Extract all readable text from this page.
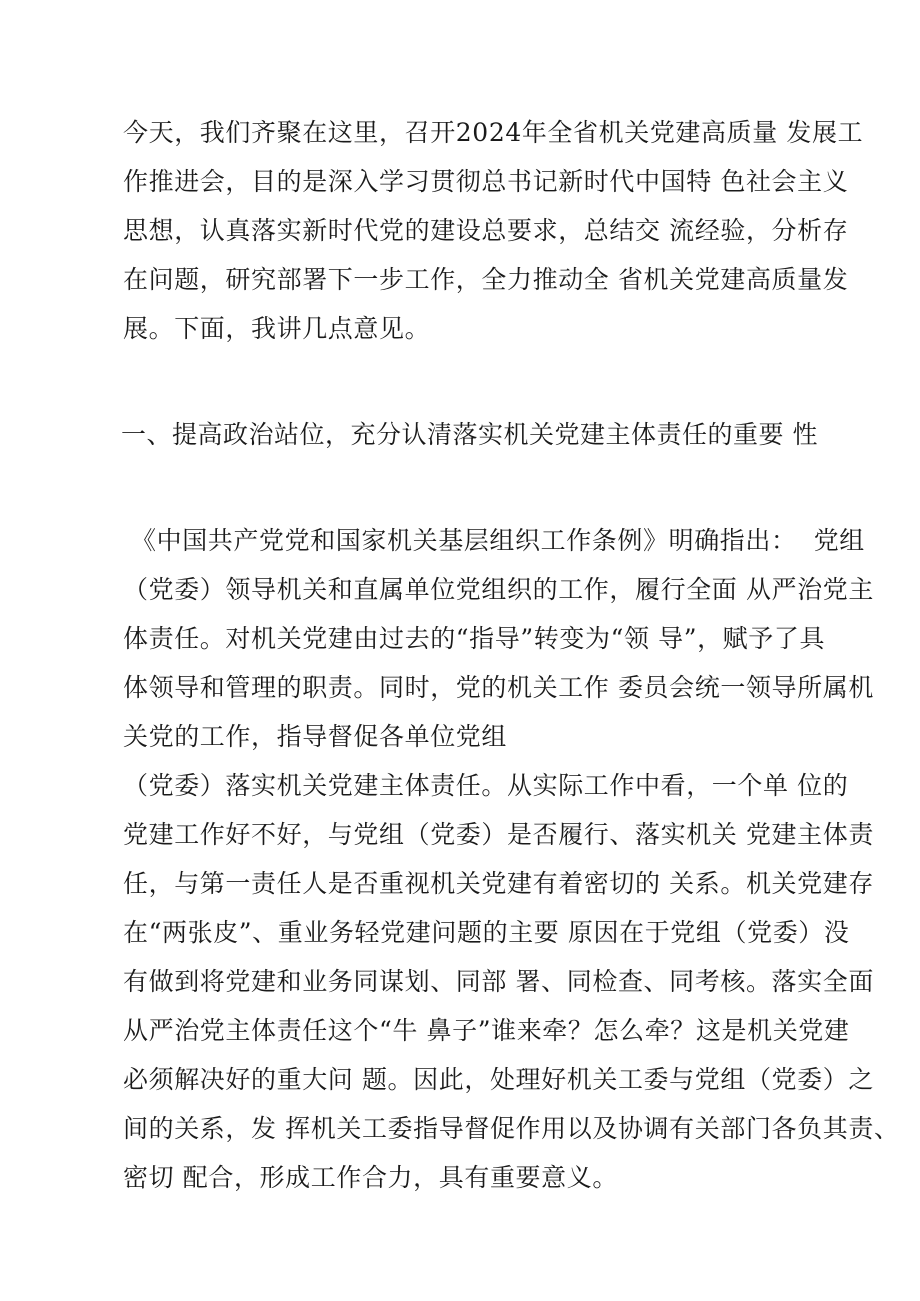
今天，我们齐聚在这里，召开2024年全省机关党建高质量 发展工
作推进会，目的是深入学习贯彻总书记新时代中国特 色社会主义
思想，认真落实新时代党的建设总要求，总结交 流经验，分析存
在问题，研究部署下一步工作，全力推动全 省机关党建高质量发
展。下面，我讲几点意见。
一、提高政治站位，充分认清落实机关党建主体责任的重要 性
《中国共产党党和国家机关基层组织工作条例》明确指出：  党组
（党委）领导机关和直属单位党组织的工作，履行全面 从严治党主
体责任。对机关党建由过去的“指导”转变为“领 导”，赋予了具
体领导和管理的职责。同时，党的机关工作 委员会统一领导所属机
关党的工作，指导督促各单位党组
（党委）落实机关党建主体责任。从实际工作中看，一个单 位的
党建工作好不好，与党组（党委）是否履行、落实机关 党建主体责
任，与第一责任人是否重视机关党建有着密切的 关系。机关党建存
在“两张皮”、重业务轻党建问题的主要 原因在于党组（党委）没
有做到将党建和业务同谋划、同部 署、同检查、同考核。落实全面
从严治党主体责任这个“牛 鼻子”谁来牵？怎么牵？这是机关党建
必须解决好的重大问 题。因此，处理好机关工委与党组（党委）之
间的关系，发 挥机关工委指导督促作用以及协调有关部门各负其责、
密切 配合，形成工作合力，具有重要意义。
